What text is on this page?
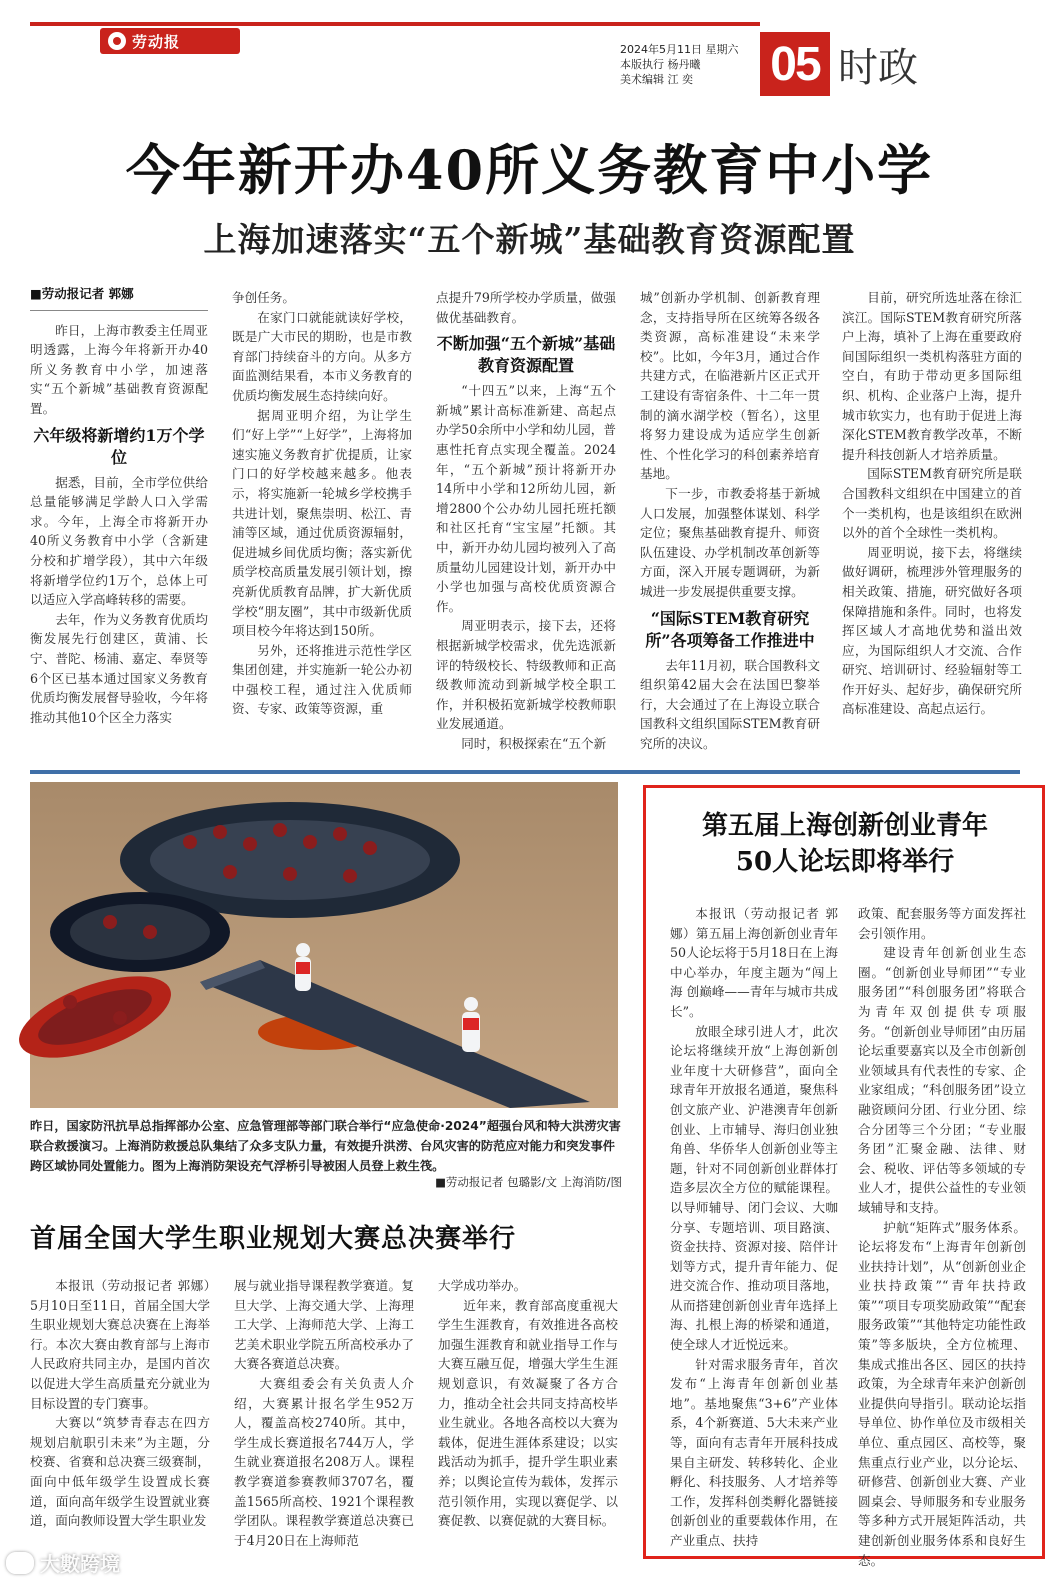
劳动报	2024年5月11日 星期六
本版执行 杨丹曦
美术编辑 江 奕	05 时政
今年新开办40所义务教育中小学
上海加速落实“五个新城”基础教育资源配置
■劳动报记者 郭娜

昨日，上海市教委主任周亚明透露，上海今年将新开办40所义务教育中小学，加速落实“五个新城”基础教育资源配置。

六年级将新增约1万个学位

据悉，目前，全市学位供给总量能够满足学龄人口入学需求。今年，上海全市将新开办40所义务教育中小学（含新建分校和扩增学段），其中六年级将新增学位约1万个，总体上可以适应入学高峰转移的需要。

去年，作为义务教育优质均衡发展先行创建区，黄浦、长宁、普陀、杨浦、嘉定、奉贤等6个区已基本通过国家义务教育优质均衡发展督导验收，今年将推动其他10个区全力落实

争创任务。

在家门口就能就读好学校，既是广大市民的期盼，也是市教育部门持续奋斗的方向。从多方面监测结果看，本市义务教育的优质均衡发展生态持续向好。

据周亚明介绍，为让学生们“好上学”“上好学”，上海将加速实施义务教育扩优提质，让家门口的好学校越来越多。他表示，将实施新一轮城乡学校携手共进计划，聚焦崇明、松江、青浦等区域，通过优质资源辐射，促进城乡间优质均衡；落实新优质学校高质量发展引领计划，擦亮新优质教育品牌，扩大新优质学校“朋友圈”，其中市级新优质项目校今年将达到150所。

另外，还将推进示范性学区集团创建，并实施新一轮公办初中强校工程，通过注入优质师资、专家、政策等资源，重

点提升79所学校办学质量，做强做优基础教育。

不断加强“五个新城”基础教育资源配置

“十四五”以来，上海“五个新城”累计高标准新建、高起点办学50余所中小学和幼儿园，普惠性托育点实现全覆盖。2024年，“五个新城”预计将新开办14所中小学和12所幼儿园，新增2800个公办幼儿园托班托额和社区托育“宝宝屋”托额。其中，新开办幼儿园均被列入了高质量幼儿园建设计划，新开办中小学也加强与高校优质资源合作。

周亚明表示，接下去，还将根据新城学校需求，优先选派新评的特级校长、特级教师和正高级教师流动到新城学校全职工作，并积极拓宽新城学校教师职业发展通道。

同时，积极探索在“五个新

城”创新办学机制、创新教育理念，支持指导所在区统筹各级各类资源，高标准建设“未来学校”。比如，今年3月，通过合作共建方式，在临港新片区正式开工建设有寄宿条件、十二年一贯制的滴水湖学校（暂名），这里将努力建设成为适应学生创新性、个性化学习的科创素养培育基地。

下一步，市教委将基于新城人口发展，加强整体谋划、科学定位；聚焦基础教育提升、师资队伍建设、办学机制改革创新等方面，深入开展专题调研，为新城进一步发展提供重要支撑。

“国际STEM教育研究所”各项筹备工作推进中

去年11月初，联合国教科文组织第42届大会在法国巴黎举行，大会通过了在上海设立联合国教科文组织国际STEM教育研究所的决议。

目前，研究所选址落在徐汇滨江。国际STEM教育研究所落户上海，填补了上海在重要政府间国际组织一类机构落驻方面的空白，有助于带动更多国际组织、机构、企业落户上海，提升城市软实力，也有助于促进上海深化STEM教育教学改革，不断提升科技创新人才培养质量。

国际STEM教育研究所是联合国教科文组织在中国建立的首个一类机构，也是该组织在欧洲以外的首个全球性一类机构。

周亚明说，接下去，将继续做好调研，梳理涉外管理服务的相关政策、措施，研究做好各项保障措施和条件。同时，也将发挥区域人才高地优势和溢出效应，为国际组织人才交流、合作研究、培训研讨、经验辐射等工作开好头、起好步，确保研究所高标准建设、高起点运行。

昨日，国家防汛抗旱总指挥部办公室、应急管理部等部门联合举行“应急使命·2024”超强台风和特大洪涝灾害联合救援演习。上海消防救援总队集结了众多支队力量，有效提升洪涝、台风灾害的防范应对能力和突发事件跨区域协同处置能力。图为上海消防架设充气浮桥引导被困人员登上救生筏。
■劳动报记者 包璐影/文 上海消防/图
首届全国大学生职业规划大赛总决赛举行

本报讯（劳动报记者 郭娜）5月10日至11日，首届全国大学生职业规划大赛总决赛在上海举行。本次大赛由教育部与上海市人民政府共同主办，是国内首次以促进大学生高质量充分就业为目标设置的专门赛事。

大赛以“筑梦青春志在四方 规划启航职引未来”为主题，分校赛、省赛和总决赛三级赛制，面向中低年级学生设置成长赛道，面向高年级学生设置就业赛道，面向教师设置大学生职业发

展与就业指导课程教学赛道。复旦大学、上海交通大学、上海理工大学、上海师范大学、上海工艺美术职业学院五所高校承办了大赛各赛道总决赛。

大赛组委会有关负责人介绍，大赛累计报名学生952万人，覆盖高校2740所。其中，学生成长赛道报名744万人，学生就业赛道报名208万人。课程教学赛道参赛教师3707名，覆盖1565所高校、1921个课程教学团队。课程教学赛道总决赛已于4月20日在上海师范

大学成功举办。

近年来，教育部高度重视大学生生涯教育，有效推进各高校加强生涯教育和就业指导工作与大赛互融互促，增强大学生生涯规划意识，有效凝聚了各方合力，推动全社会共同支持高校毕业生就业。各地各高校以大赛为载体，促进生涯体系建设；以实践活动为抓手，提升学生职业素养；以舆论宣传为载体，发挥示范引领作用，实现以赛促学、以赛促教、以赛促就的大赛目标。

第五届上海创新创业青年
50人论坛即将举行

本报讯（劳动报记者 郭娜）第五届上海创新创业青年50人论坛将于5月18日在上海中心举办，年度主题为“闯上海 创巅峰——青年与城市共成长”。

放眼全球引进人才，此次论坛将继续开放“上海创新创业年度十大研修营”，面向全球青年开放报名通道，聚焦科创文旅产业、沪港澳青年创新创业、上市辅导、海归创业独角兽、华侨华人创新创业等主题，针对不同创新创业群体打造多层次全方位的赋能课程。以导师辅导、闭门会议、大咖分享、专题培训、项目路演、资金扶持、资源对接、陪伴计划等方式，提升青年能力、促进交流合作、推动项目落地，从而搭建创新创业青年选择上海、扎根上海的桥梁和通道，使全球人才近悦远来。

针对需求服务青年，首次发布“上海青年创新创业基地”。基地聚焦“3+6”产业体系，4个新赛道、5大未来产业等，面向有志青年开展科技成果自主研发、转移转化、企业孵化、科技服务、人才培养等工作，发挥科创类孵化器链接创新创业的重要载体作用，在产业重点、扶持

政策、配套服务等方面发挥社会引领作用。

建设青年创新创业生态圈。“创新创业导师团”“专业服务团”“科创服务团”将联合为青年双创提供专项服务。“创新创业导师团”由历届论坛重要嘉宾以及全市创新创业领域具有代表性的专家、企业家组成；“科创服务团”设立融资顾问分团、行业分团、综合分团等三个分团；“专业服务团”汇聚金融、法律、财会、税收、评估等多领域的专业人才，提供公益性的专业领域辅导和支持。

护航“矩阵式”服务体系。论坛将发布“上海青年创新创业扶持计划”，从“创新创业企业扶持政策”“青年扶持政策”“项目专项奖励政策”“配套服务政策”“其他特定功能性政策”等多版块，全方位梳理、集成式推出各区、园区的扶持政策，为全球青年来沪创新创业提供向导指引。联动论坛指导单位、协作单位及市级相关单位、重点园区、高校等，聚焦重点行业产业，以分论坛、研修营、创新创业大赛、产业圆桌会、导师服务和专业服务等多种方式开展矩阵活动，共建创新创业服务体系和良好生态。

大數跨境
